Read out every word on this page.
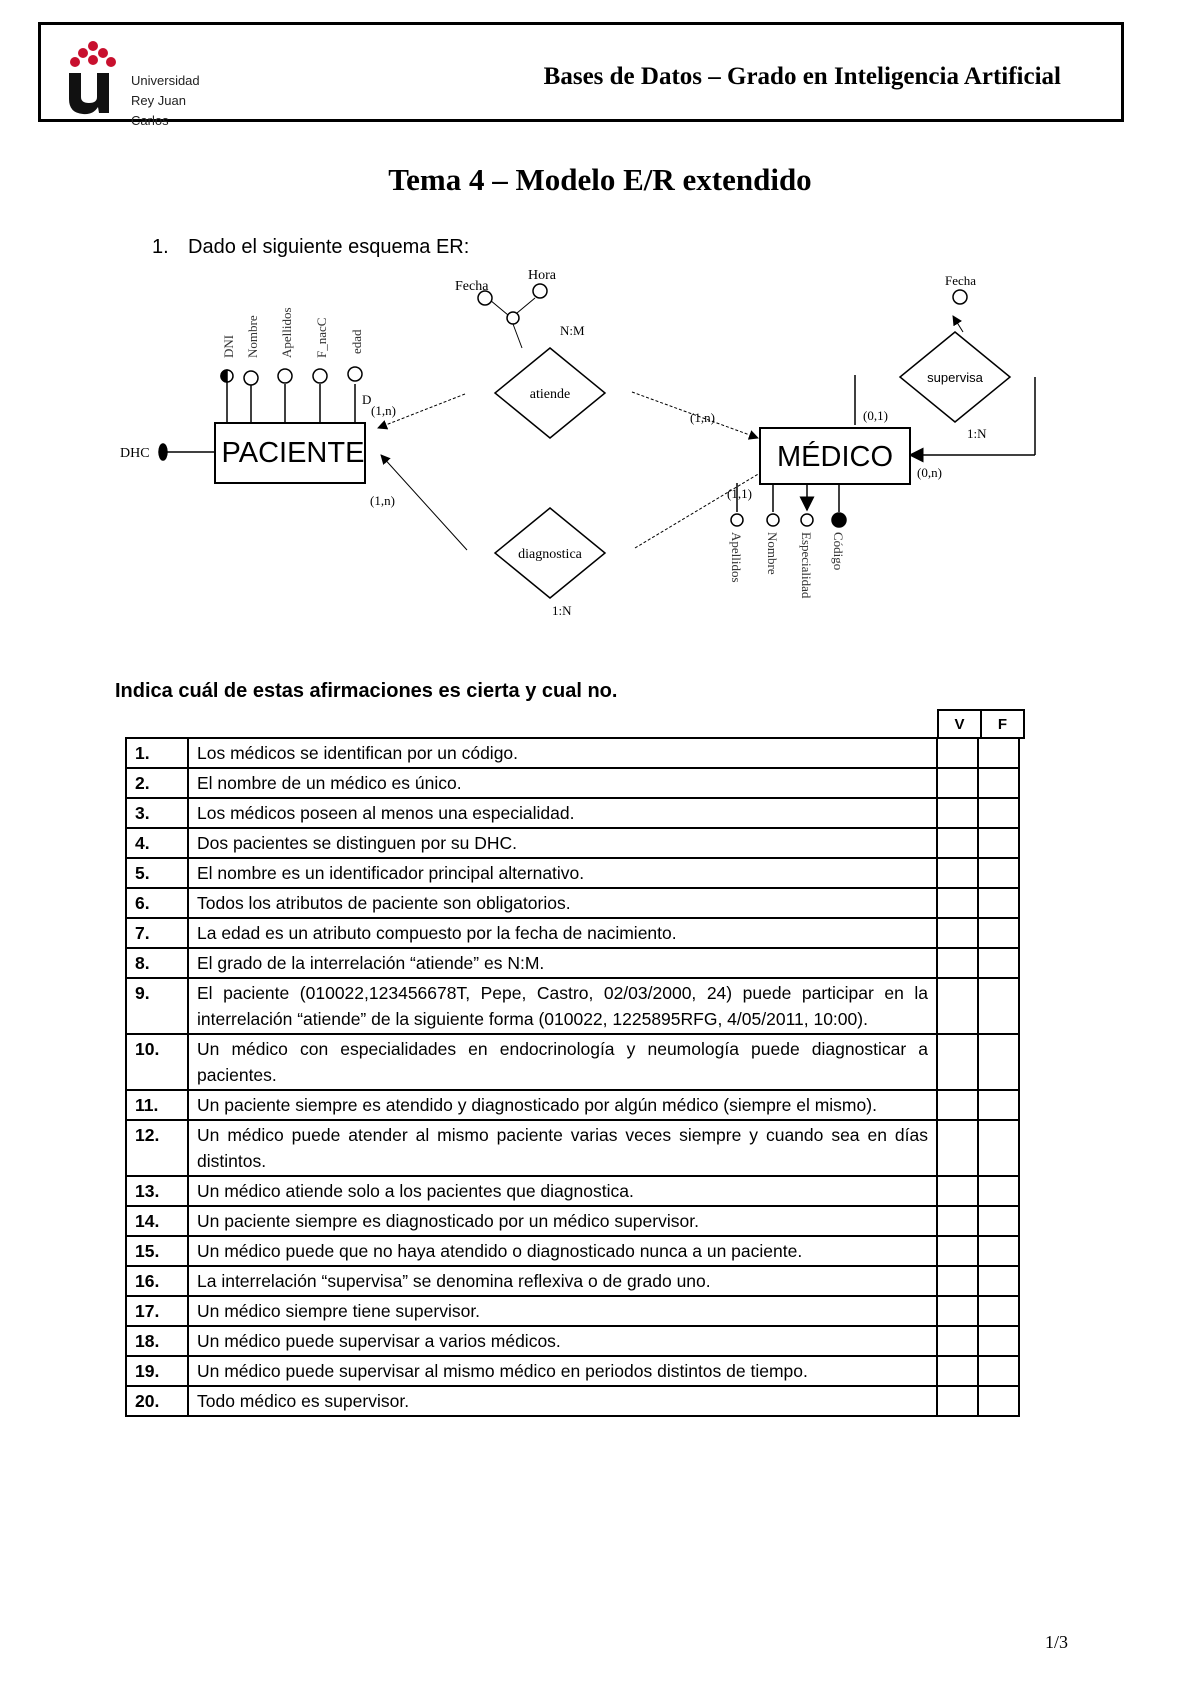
Universidad
Rey Juan Carlos
Bases de Datos – Grado en Inteligencia Artificial
Tema 4 – Modelo E/R extendido
1. Dado el siguiente esquema ER:
PACIENTE	MÉDICO
atiende
diagnostica
supervisa
DNI Nombre Apellidos F_nacC edad
DHC
D
Fecha
Hora
N:M
Fecha
1:N
Apellidos Nombre Especialidad Código
(1,n)	(1,n)
(1,n)	(1,1)
(0,1)
(0,n)
1:N
Indica cuál de estas afirmaciones es cierta y cual no.
V	F
1.	Los médicos se identifican por un código.		
2.	El nombre de un médico es único.		
3.	Los médicos poseen al menos una especialidad.		
4.	Dos pacientes se distinguen por su DHC.		
5.	El nombre es un identificador principal alternativo.		
6.	Todos los atributos de paciente son obligatorios.		
7.	La edad es un atributo compuesto por la fecha de nacimiento.		
8.	El grado de la interrelación “atiende” es N:M.		
9.	El paciente (010022,123456678T, Pepe, Castro, 02/03/2000, 24) puede participar en la interrelación “atiende” de la siguiente forma (010022, 1225895RFG, 4/05/2011, 10:00).		
10.	Un médico con especialidades en endocrinología y neumología puede diagnosticar a pacientes.		
11.	Un paciente siempre es atendido y diagnosticado por algún médico (siempre el mismo).		
12.	Un médico puede atender al mismo paciente varias veces siempre y cuando sea en días distintos.		
13.	Un médico atiende solo a los pacientes que diagnostica.		
14.	Un paciente siempre es diagnosticado por un médico supervisor.		
15.	Un médico puede que no haya atendido o diagnosticado nunca a un paciente.		
16.	La interrelación “supervisa” se denomina reflexiva o de grado uno.		
17.	Un médico siempre tiene supervisor.		
18.	Un médico puede supervisar a varios médicos.		
19.	Un médico puede supervisar al mismo médico en periodos distintos de tiempo.		
20.	Todo médico es supervisor.		
1/3
